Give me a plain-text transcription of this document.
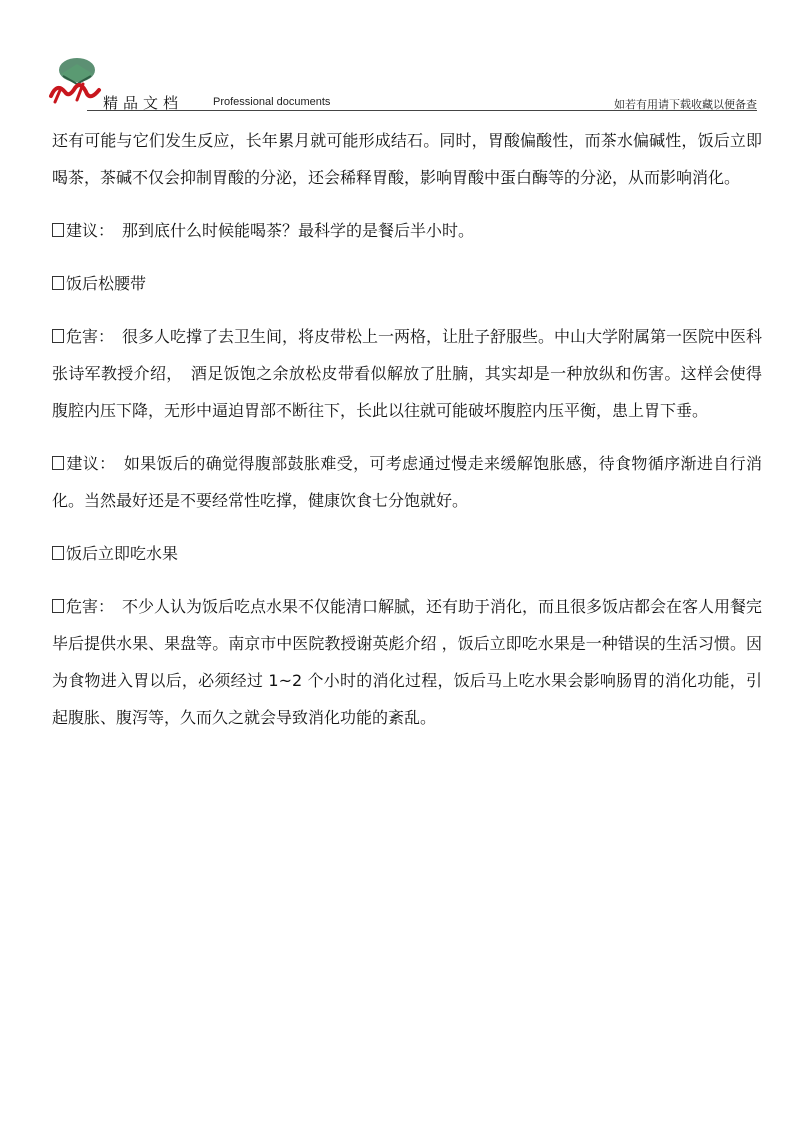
精品文档	Professional documents	如若有用请下载收藏以便备查

还有可能与它们发生反应，长年累月就可能形成结石。同时，胃酸偏酸性，而茶水偏碱性，饭后立即喝茶，茶碱不仅会抑制胃酸的分泌，还会稀释胃酸，影响胃酸中蛋白酶等的分泌，从而影响消化。

建议：　那到底什么时候能喝茶？最科学的是餐后半小时。

饭后松腰带

危害：　很多人吃撑了去卫生间，将皮带松上一两格，让肚子舒服些。中山大学附属第一医院中医科张诗军教授介绍，　酒足饭饱之余放松皮带看似解放了肚腩，其实却是一种放纵和伤害。这样会使得腹腔内压下降，无形中逼迫胃部不断往下，长此以往就可能破坏腹腔内压平衡，患上胃下垂。

建议：　如果饭后的确觉得腹部鼓胀难受，可考虑通过慢走来缓解饱胀感，待食物循序渐进自行消化。当然最好还是不要经常性吃撑，健康饮食七分饱就好。

饭后立即吃水果

危害：　不少人认为饭后吃点水果不仅能清口解腻，还有助于消化，而且很多饭店都会在客人用餐完毕后提供水果、果盘等。南京市中医院教授谢英彪介绍 ，饭后立即吃水果是一种错误的生活习惯。因为食物进入胃以后，必须经过 1~2 个小时的消化过程，饭后马上吃水果会影响肠胃的消化功能，引起腹胀、腹泻等，久而久之就会导致消化功能的紊乱。
